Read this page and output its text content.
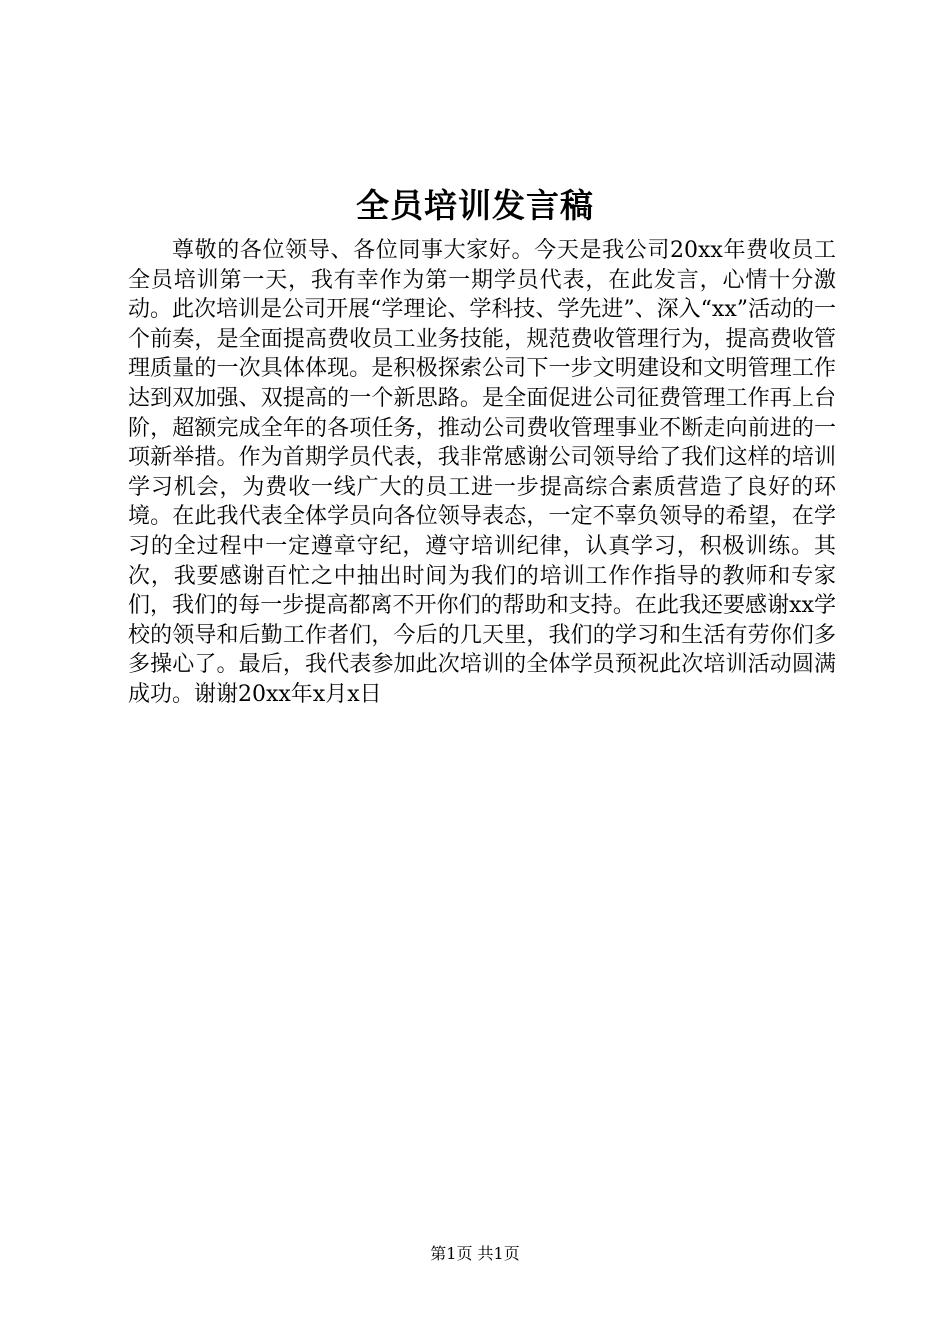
全员培训发言稿

尊敬的各位领导、各位同事大家好。今天是我公司20xx年费收员工全员培训第一天，我有幸作为第一期学员代表，在此发言，心情十分激动。此次培训是公司开展“学理论、学科技、学先进”、深入“xx”活动的一个前奏，是全面提高费收员工业务技能，规范费收管理行为，提高费收管理质量的一次具体体现。是积极探索公司下一步文明建设和文明管理工作达到双加强、双提高的一个新思路。是全面促进公司征费管理工作再上台阶，超额完成全年的各项任务，推动公司费收管理事业不断走向前进的一项新举措。作为首期学员代表，我非常感谢公司领导给了我们这样的培训学习机会，为费收一线广大的员工进一步提高综合素质营造了良好的环境。在此我代表全体学员向各位领导表态，一定不辜负领导的希望，在学习的全过程中一定遵章守纪，遵守培训纪律，认真学习，积极训练。其次，我要感谢百忙之中抽出时间为我们的培训工作作指导的教师和专家们，我们的每一步提高都离不开你们的帮助和支持。在此我还要感谢xx学校的领导和后勤工作者们，今后的几天里，我们的学习和生活有劳你们多多操心了。最后，我代表参加此次培训的全体学员预祝此次培训活动圆满成功。谢谢20xx年x月x日

第1页 共1页
